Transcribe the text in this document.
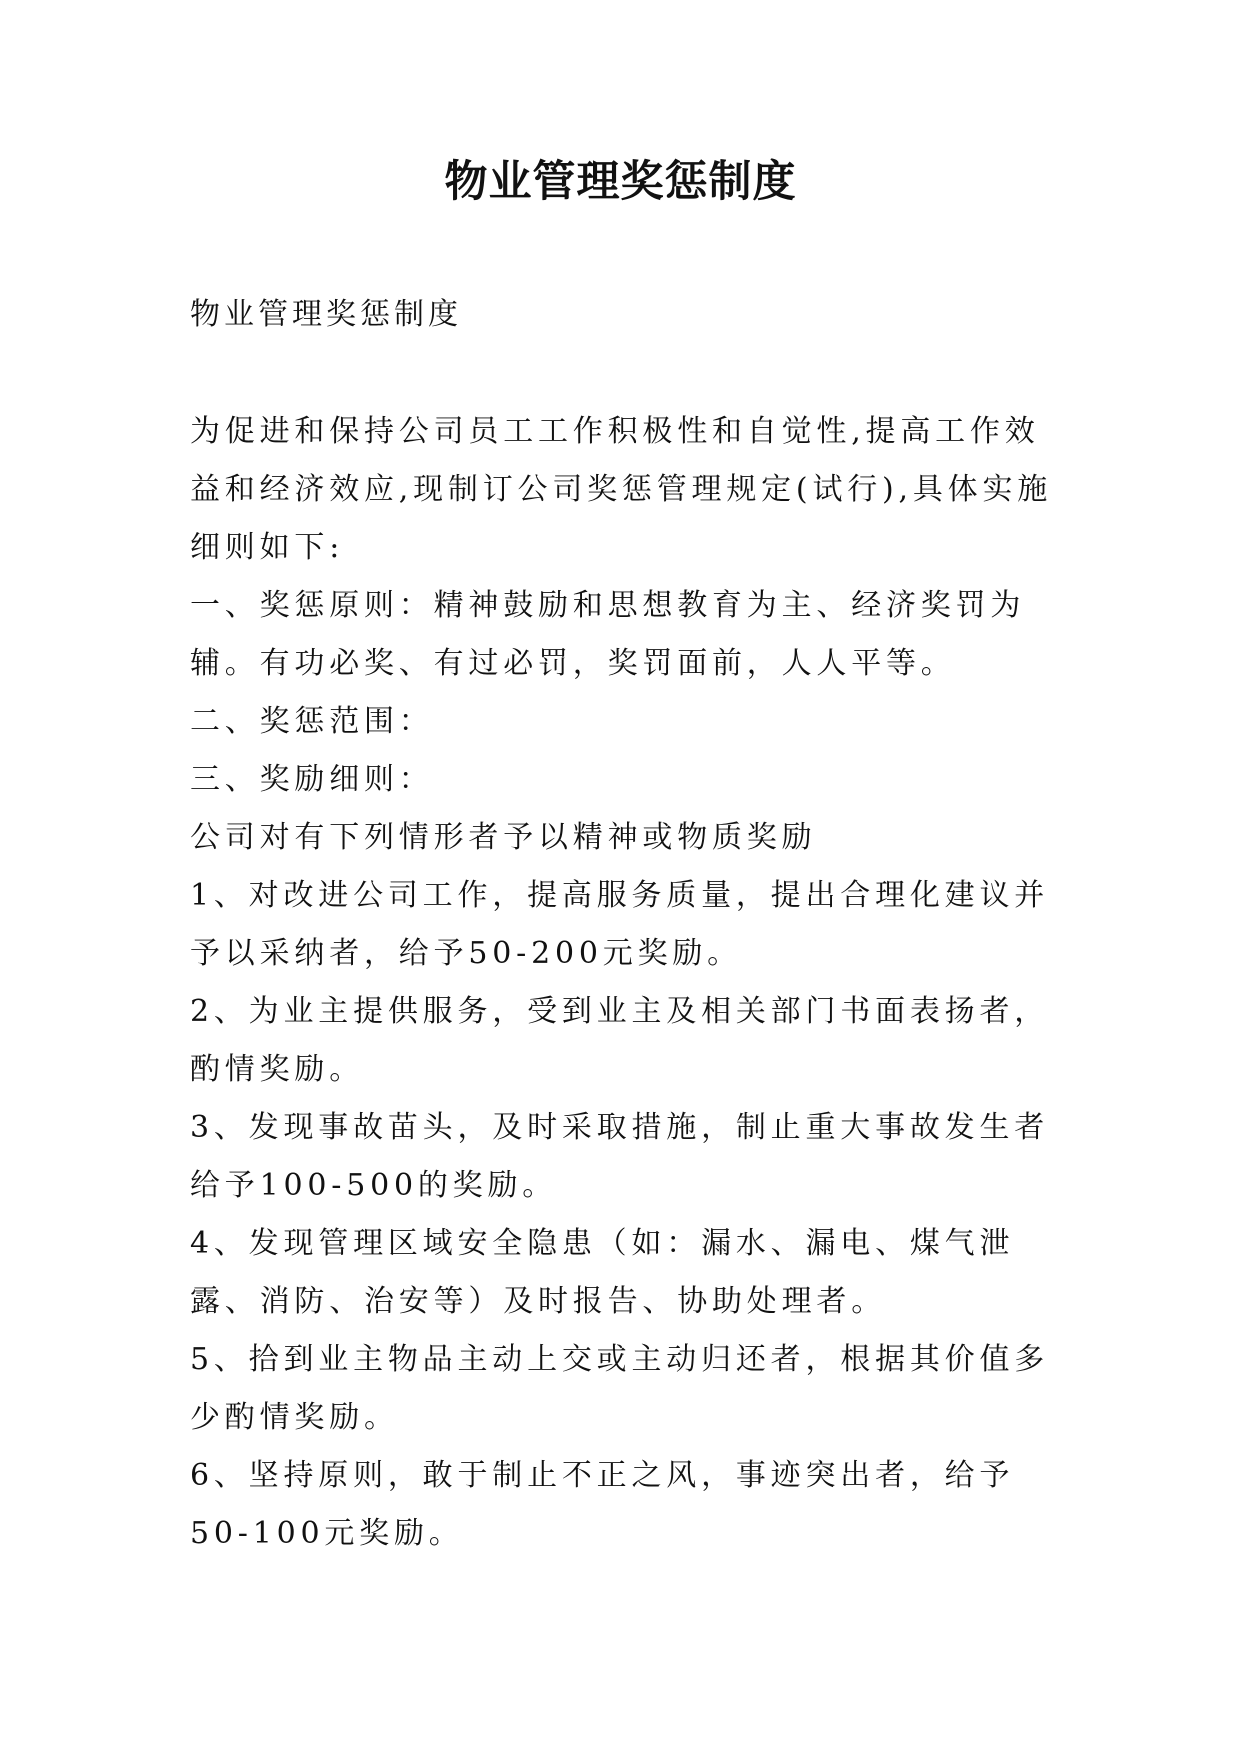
物业管理奖惩制度
物业管理奖惩制度

为促进和保持公司员工工作积极性和自觉性,提高工作效益和经济效应,现制订公司奖惩管理规定(试行),具体实施细则如下:

一、奖惩原则：精神鼓励和思想教育为主、经济奖罚为辅。有功必奖、有过必罚，奖罚面前，人人平等。

二、奖惩范围：

三、奖励细则：

公司对有下列情形者予以精神或物质奖励

1、对改进公司工作，提高服务质量，提出合理化建议并予以采纳者，给予50-200元奖励。

2、为业主提供服务，受到业主及相关部门书面表扬者，酌情奖励。

3、发现事故苗头，及时采取措施，制止重大事故发生者给予100-500的奖励。

4、发现管理区域安全隐患（如：漏水、漏电、煤气泄露、消防、治安等）及时报告、协助处理者。

5、拾到业主物品主动上交或主动归还者，根据其价值多少酌情奖励。

6、坚持原则，敢于制止不正之风，事迹突出者，给予50-100元奖励。
